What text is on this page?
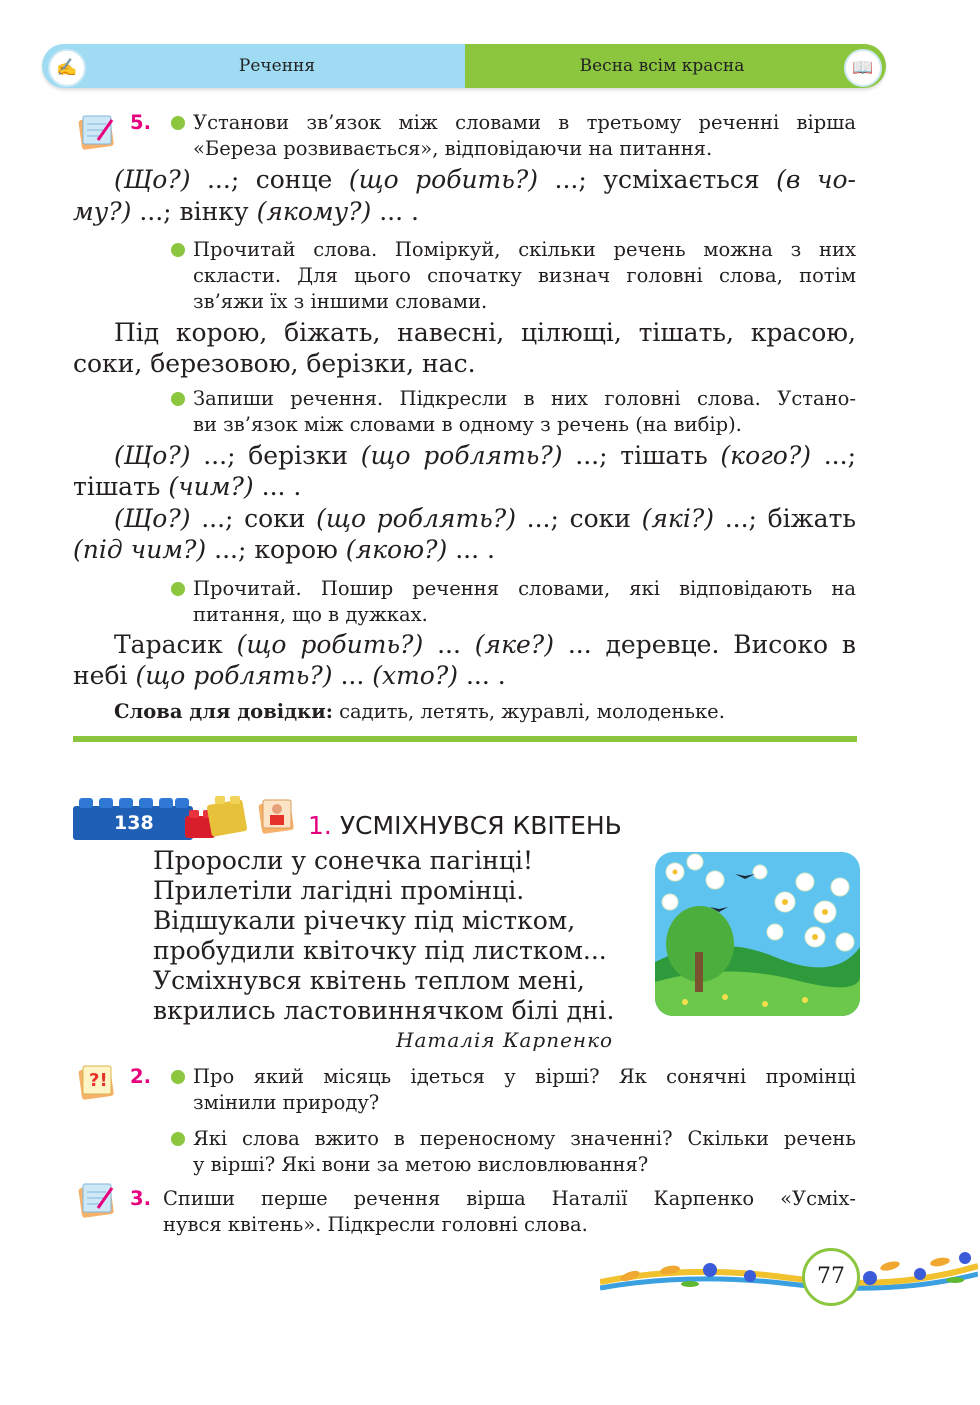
✍	Речення	Весна всім красна	📖
5. Установи зв’язок між словами в третьому реченні вірша
«Береза розвивається», відповідаючи на питання.
(Що?) ...; сонце (що робить?) ...; усміхається (в чо-
му?) ...; вінку (якому?) ... .
Прочитай слова. Поміркуй, скільки речень можна з них
скласти. Для цього спочатку визнач головні слова, потім
зв’яжи їх з іншими словами.
Під корою, біжать, навесні, цілющі, тішать, красою,
соки, березовою, берізки, нас.
Запиши речення. Підкресли в них головні слова. Устано-
ви зв’язок між словами в одному з речень (на вибір).
(Що?) ...; берізки (що роблять?) ...; тішать (кого?) ...;
тішать (чим?) ... .
(Що?) ...; соки (що роблять?) ...; соки (які?) ...; біжать
(під чим?) ...; корою (якою?) ... .
Прочитай. Пошир речення словами, які відповідають на
питання, що в дужках.
Тарасик (що робить?) ... (яке?) ... деревце. Високо в
небі (що роблять?) ... (хто?) ... .
Слова для довідки: садить, летять, журавлі, молоденьке.
138	1. УСМІХНУВСЯ КВІТЕНЬ
Проросли у сонечка пагінці!
Прилетіли лагідні промінці.
Відшукали річечку під містком,
пробудили квіточку під листком...
Усміхнувся квітень теплом мені,
вкрились ластовиннячком білі дні.
Наталія Карпенко
?! 2. Про який місяць ідеться у вірші? Як сонячні промінці
змінили природу?
Які слова вжито в переносному значенні? Скільки речень
у вірші? Які вони за метою висловлювання?
3. Спиши перше речення вірша Наталії Карпенко «Усміх-
нувся квітень». Підкресли головні слова.
77
